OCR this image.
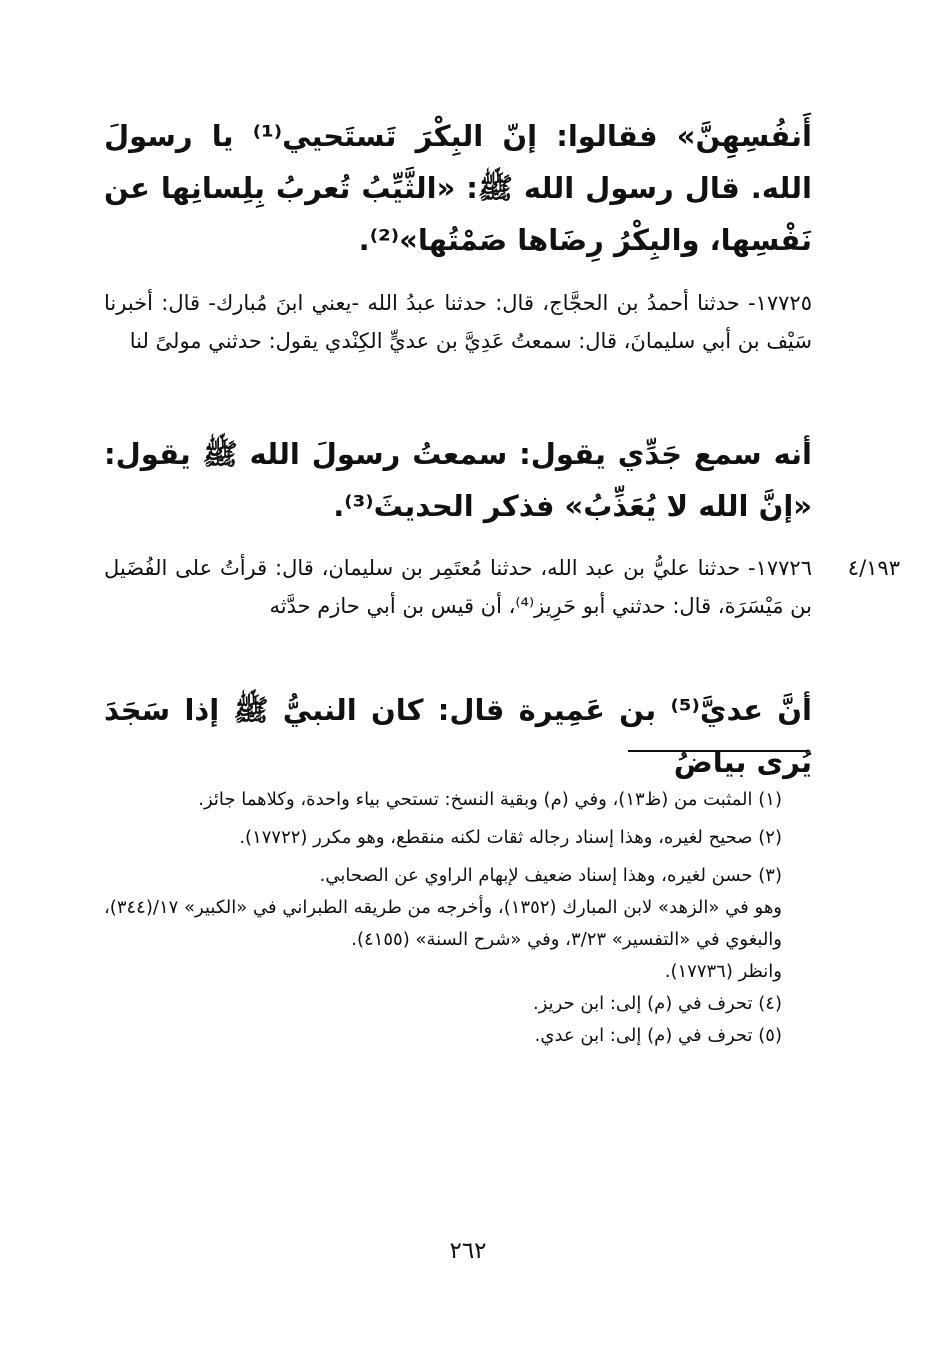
أَنفُسِهِنَّ» فقالوا: إنّ البِكْرَ تَستَحيي⁽¹⁾ يا رسولَ الله. قال رسول الله ﷺ: «الثَّيِّبُ تُعربُ بِلِسانِها عن نَفْسِها، والبِكْرُ رِضَاها صَمْتُها»⁽²⁾.
١٧٧٢٥- حدثنا أحمدُ بن الحجَّاج، قال: حدثنا عبدُ الله -يعني ابنَ مُبارك- قال: أخبرنا سَيْف بن أبي سليمانَ، قال: سمعتُ عَدِيَّ بن عديٍّ الكِنْدي يقول: حدثني مولىً لنا
أنه سمع جَدِّي يقول: سمعتُ رسولَ الله ﷺ يقول: «إنَّ الله لا يُعَذِّبُ» فذكر الحديثَ⁽³⁾.
٤/١٩٣
١٧٧٢٦- حدثنا عليُّ بن عبد الله، حدثنا مُعتَمِر بن سليمان، قال: قرأتُ على الفُضَيل بن مَيْسَرَة، قال: حدثني أبو حَرِيز⁽⁴⁾، أن قيس بن أبي حازم حدَّثه
أنَّ عديَّ⁽⁵⁾ بن عَمِيرة قال: كان النبيُّ ﷺ إذا سَجَدَ يُرى بياضُ

(١) المثبت من (ظ١٣)، وفي (م) وبقية النسخ: تستحي بياء واحدة، وكلاهما جائز.

(٢) صحيح لغيره، وهذا إسناد رجاله ثقات لكنه منقطع، وهو مكرر (١٧٧٢٢).

(٣) حسن لغيره، وهذا إسناد ضعيف لإبهام الراوي عن الصحابي.

وهو في «الزهد» لابن المبارك (١٣٥٢)، وأخرجه من طريقه الطبراني في «الكبير» ١٧/(٣٤٤)، والبغوي في «التفسير» ٣/٢٣، وفي «شرح السنة» (٤١٥٥).

وانظر (١٧٧٣٦).

(٤) تحرف في (م) إلى: ابن حريز.

(٥) تحرف في (م) إلى: ابن عدي.

٢٦٢
